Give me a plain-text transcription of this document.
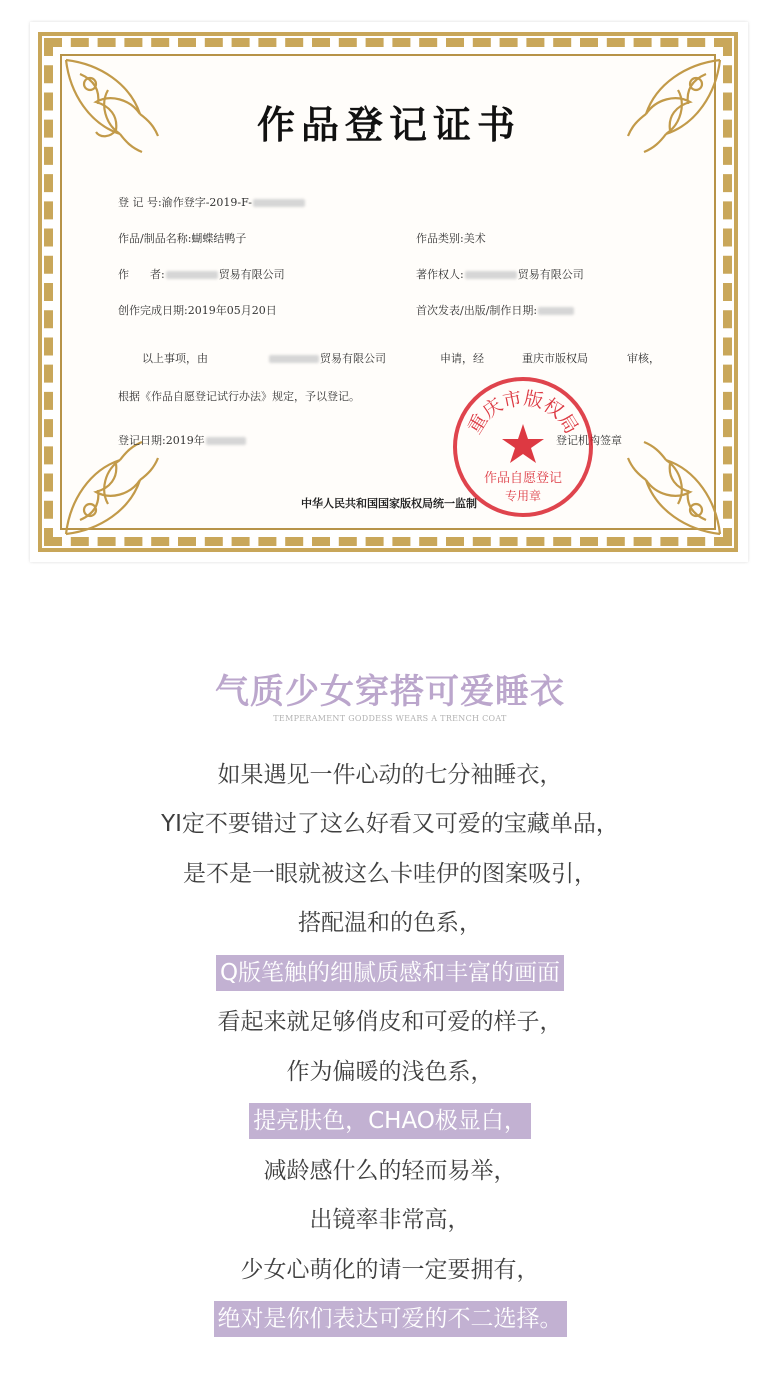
作品登记证书
登 记 号:渝作登字-2019-F-
作品/制品名称:蝴蝶结鸭子	作品类别:美术
作      者:	贸易有限公司	著作权人:	贸易有限公司
创作完成日期:2019年05月20日	首次发表/出版/制作日期:
以上事项，由	贸易有限公司	申请，经	重庆市版权局	审核，
根据《作品自愿登记试行办法》规定，予以登记。
登记日期:2019年	登记机构签章
中华人民共和国国家版权局统一监制
重庆市版权局
作品自愿登记
专用章
气质少女穿搭可爱睡衣
TEMPERAMENT GODDESS WEARS A TRENCH COAT
如果遇见一件心动的七分袖睡衣，
YI定不要错过了这么好看又可爱的宝藏单品，
是不是一眼就被这么卡哇伊的图案吸引，
搭配温和的色系，
Q版笔触的细腻质感和丰富的画面
看起来就足够俏皮和可爱的样子，
作为偏暖的浅色系，
提亮肤色，CHAO极显白，
减龄感什么的轻而易举，
出镜率非常高，
少女心萌化的请一定要拥有，
绝对是你们表达可爱的不二选择。
